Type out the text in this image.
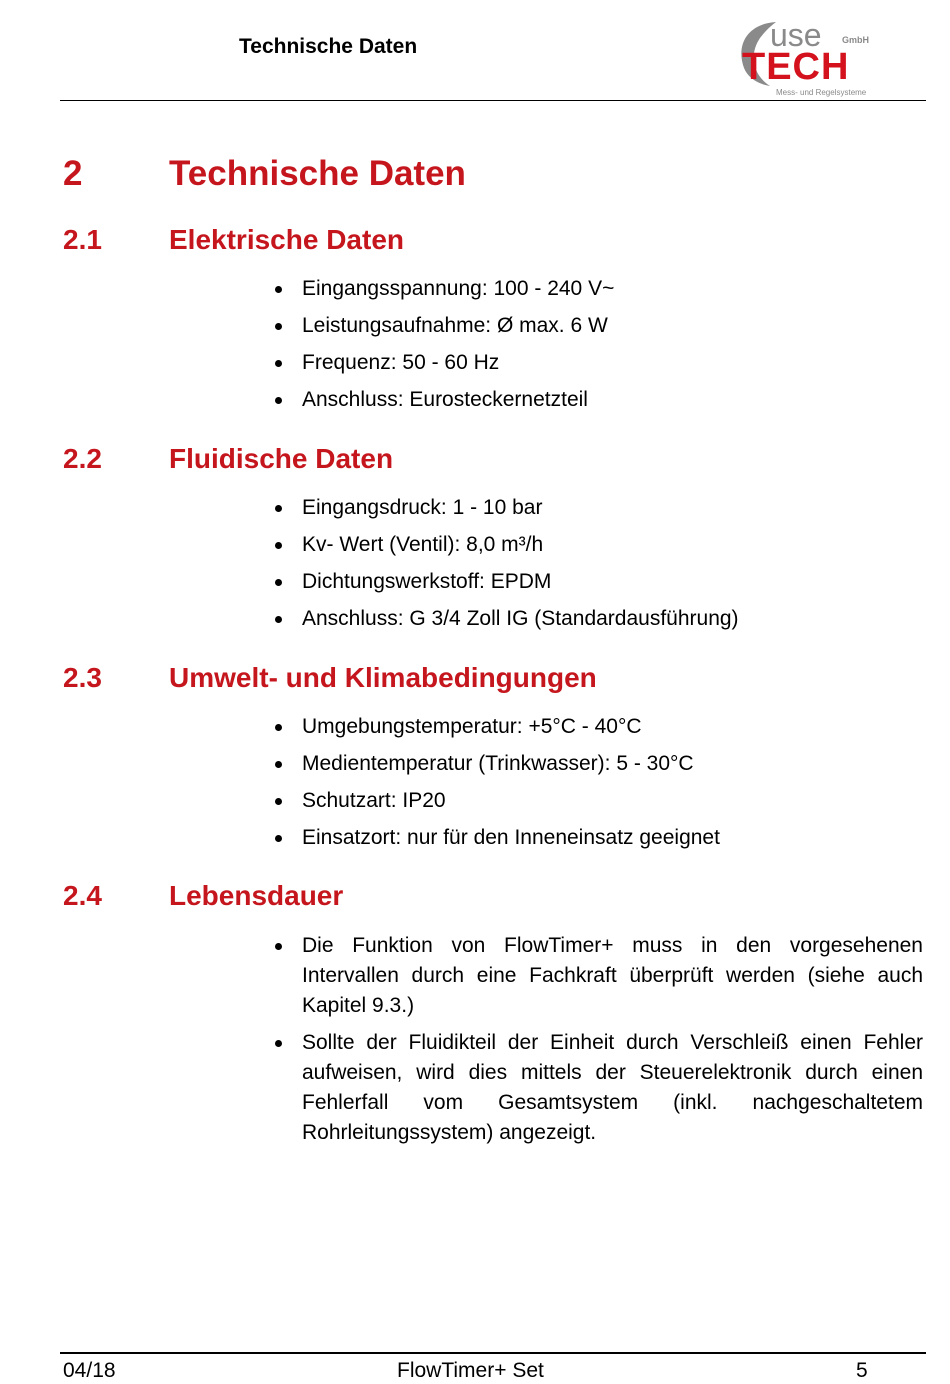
Technische Daten	use GmbH
TECH
Mess- und Regelsysteme
2 Technische Daten
2.1 Elektrische Daten
Eingangsspannung: 100 - 240 V~
Leistungsaufnahme: Ø max. 6 W
Frequenz: 50 - 60 Hz
Anschluss: Eurosteckernetzteil
2.2 Fluidische Daten
Eingangsdruck: 1 - 10 bar
Kv- Wert (Ventil): 8,0 m³/h
Dichtungswerkstoff: EPDM
Anschluss: G 3/4 Zoll IG (Standardausführung)
2.3 Umwelt- und Klimabedingungen
Umgebungstemperatur: +5°C - 40°C
Medientemperatur (Trinkwasser): 5 - 30°C
Schutzart: IP20
Einsatzort: nur für den Inneneinsatz geeignet
2.4 Lebensdauer
Die Funktion von FlowTimer+ muss in den vorgesehenen Intervallen durch eine Fachkraft überprüft werden (siehe auch Kapitel 9.3.)
Sollte der Fluidikteil der Einheit durch Verschleiß einen Fehler aufweisen, wird dies mittels der Steuerelektronik durch einen Fehlerfall vom Gesamtsystem (inkl. nachgeschaltetem Rohrleitungssystem) angezeigt.
04/18	FlowTimer+ Set	5
